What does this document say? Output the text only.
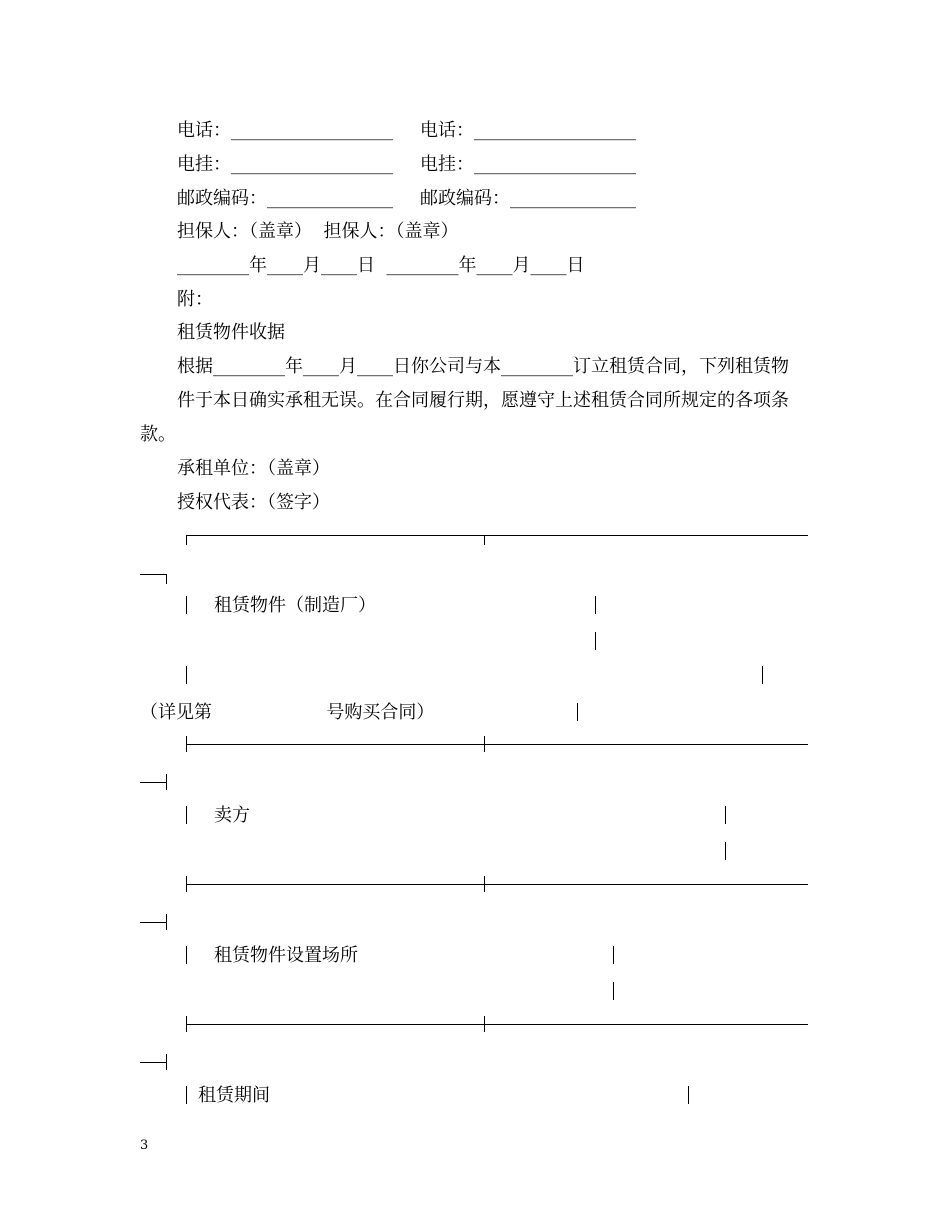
电话：__________________ 电话：__________________
电挂：__________________ 电挂：__________________
邮政编码：______________ 邮政编码：______________
担保人：（盖章）  担保人：（盖章）
________年____月____日  ________年____月____日
附：
租赁物件收据
根据________年____月____日你公司与本________订立租赁合同，下列租赁物
件于本日确实承租无误。在合同履行期，愿遵守上述租赁合同所规定的各项条
款。
承租单位：（盖章）
授权代表：（签字）
租赁物件（制造厂）
（详见第                    号购买合同）
卖方
租赁物件设置场所
租赁期间
3
